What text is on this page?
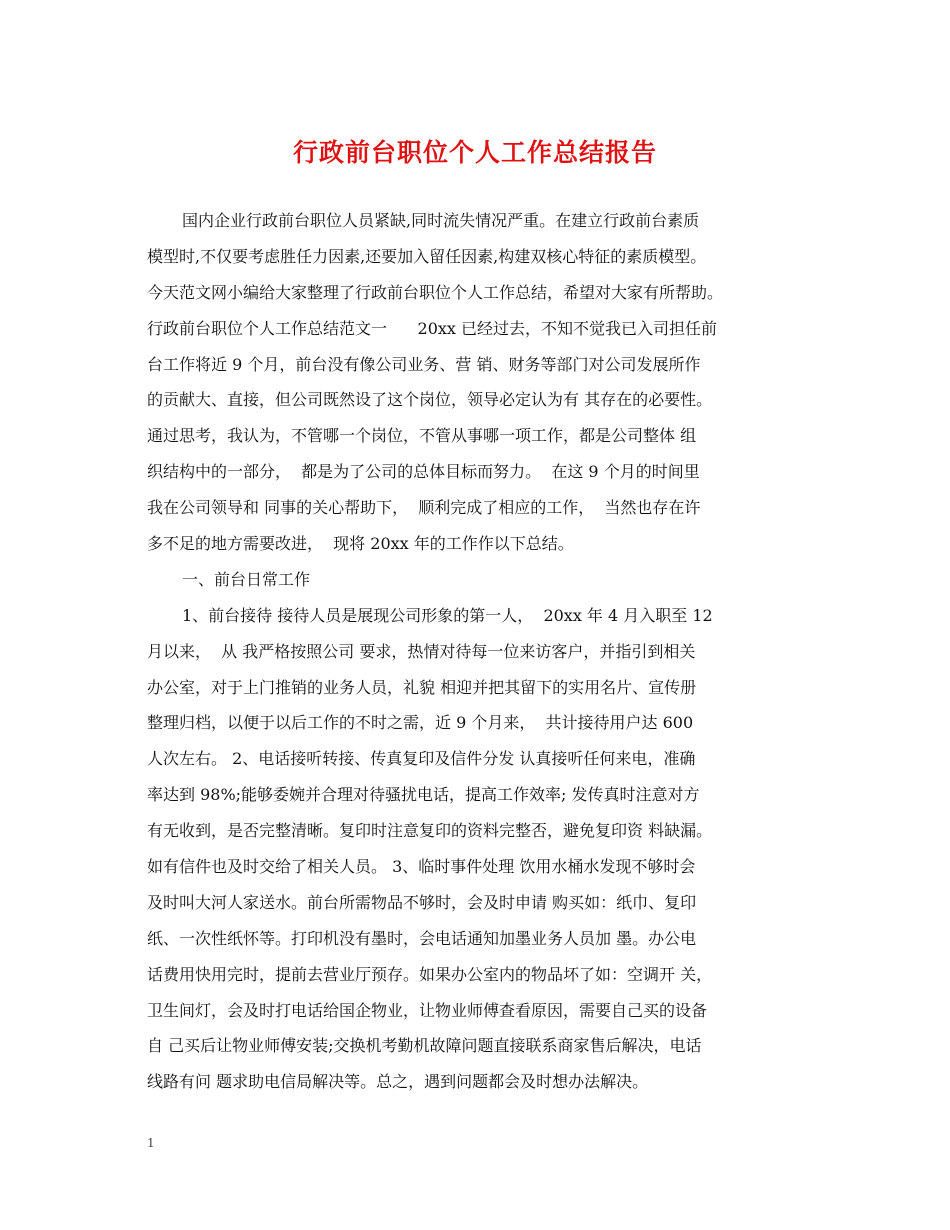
行政前台职位个人工作总结报告
国内企业行政前台职位人员紧缺,同时流失情况严重。在建立行政前台素质
模型时,不仅要考虑胜任力因素,还要加入留任因素,构建双核心特征的素质模型。
今天范文网小编给大家整理了行政前台职位个人工作总结，希望对大家有所帮助。
行政前台职位个人工作总结范文一      20xx 已经过去，不知不觉我已入司担任前
台工作将近 9 个月，前台没有像公司业务、营 销、财务等部门对公司发展所作
的贡献大、直接，但公司既然设了这个岗位，领导必定认为有 其存在的必要性。
通过思考，我认为，不管哪一个岗位，不管从事哪一项工作，都是公司整体 组
织结构中的一部分，  都是为了公司的总体目标而努力。  在这 9 个月的时间里
我在公司领导和 同事的关心帮助下，  顺利完成了相应的工作，  当然也存在许
多不足的地方需要改进，  现将 20xx 年的工作作以下总结。
一、前台日常工作
1、前台接待 接待人员是展现公司形象的第一人，  20xx 年 4 月入职至 12
月以来，  从 我严格按照公司 要求，热情对待每一位来访客户，并指引到相关
办公室，对于上门推销的业务人员，礼貌 相迎并把其留下的实用名片、宣传册
整理归档，以便于以后工作的不时之需，近 9 个月来，  共计接待用户达 600
人次左右。 2、电话接听转接、传真复印及信件分发 认真接听任何来电，准确
率达到 98%;能够委婉并合理对待骚扰电话，提高工作效率; 发传真时注意对方
有无收到，是否完整清晰。复印时注意复印的资料完整否，避免复印资 料缺漏。
如有信件也及时交给了相关人员。 3、临时事件处理 饮用水桶水发现不够时会
及时叫大河人家送水。前台所需物品不够时，会及时申请 购买如：纸巾、复印
纸、一次性纸怀等。打印机没有墨时，会电话通知加墨业务人员加 墨。办公电
话费用快用完时，提前去营业厅预存。如果办公室内的物品坏了如：空调开 关，
卫生间灯，会及时打电话给国企物业，让物业师傅查看原因，需要自己买的设备
自 己买后让物业师傅安装;交换机考勤机故障问题直接联系商家售后解决，电话
线路有问 题求助电信局解决等。总之，遇到问题都会及时想办法解决。
1
